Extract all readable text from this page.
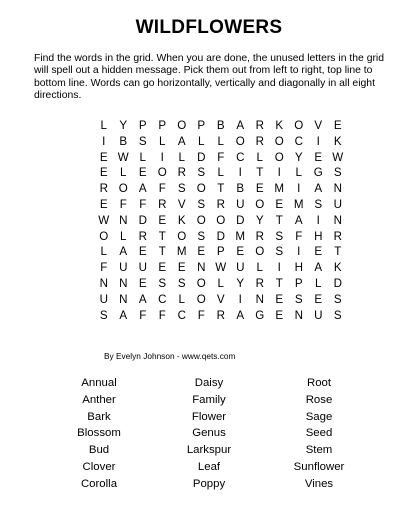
WILDFLOWERS
Find the words in the grid. When you are done, the unused letters in the grid will spell out a hidden message. Pick them out from left to right, top line to bottom line. Words can go horizontally, vertically and diagonally in all eight directions.
L	Y	P	P	O	P	B	A	R	K	O	V	E
I	B	S	L	A	L	L	O	R	O	C	I	K
E	W	L	I	L	D	F	C	L	O	Y	E	W
E	L	E	O	R	S	L	I	T	I	L	G	S
R	O	A	F	S	O	T	B	E	M	I	A	N
E	F	F	R	V	S	R	U	O	E	M	S	U
W	N	D	E	K	O	O	D	Y	T	A	I	N
O	L	R	T	O	S	D	M	R	S	F	H	R
L	A	E	T	M	E	P	E	O	S	I	E	T
F	U	U	E	E	N	W	U	L	I	H	A	K
N	N	E	S	S	O	L	Y	R	T	P	L	D
U	N	A	C	L	O	V	I	N	E	S	E	S
S	A	F	F	C	F	R	A	G	E	N	U	S
By Evelyn Johnson - www.qets.com
Annual
Anther
Bark
Blossom
Bud
Clover
Corolla
Daisy
Family
Flower
Genus
Larkspur
Leaf
Poppy
Root
Rose
Sage
Seed
Stem
Sunflower
Vines
